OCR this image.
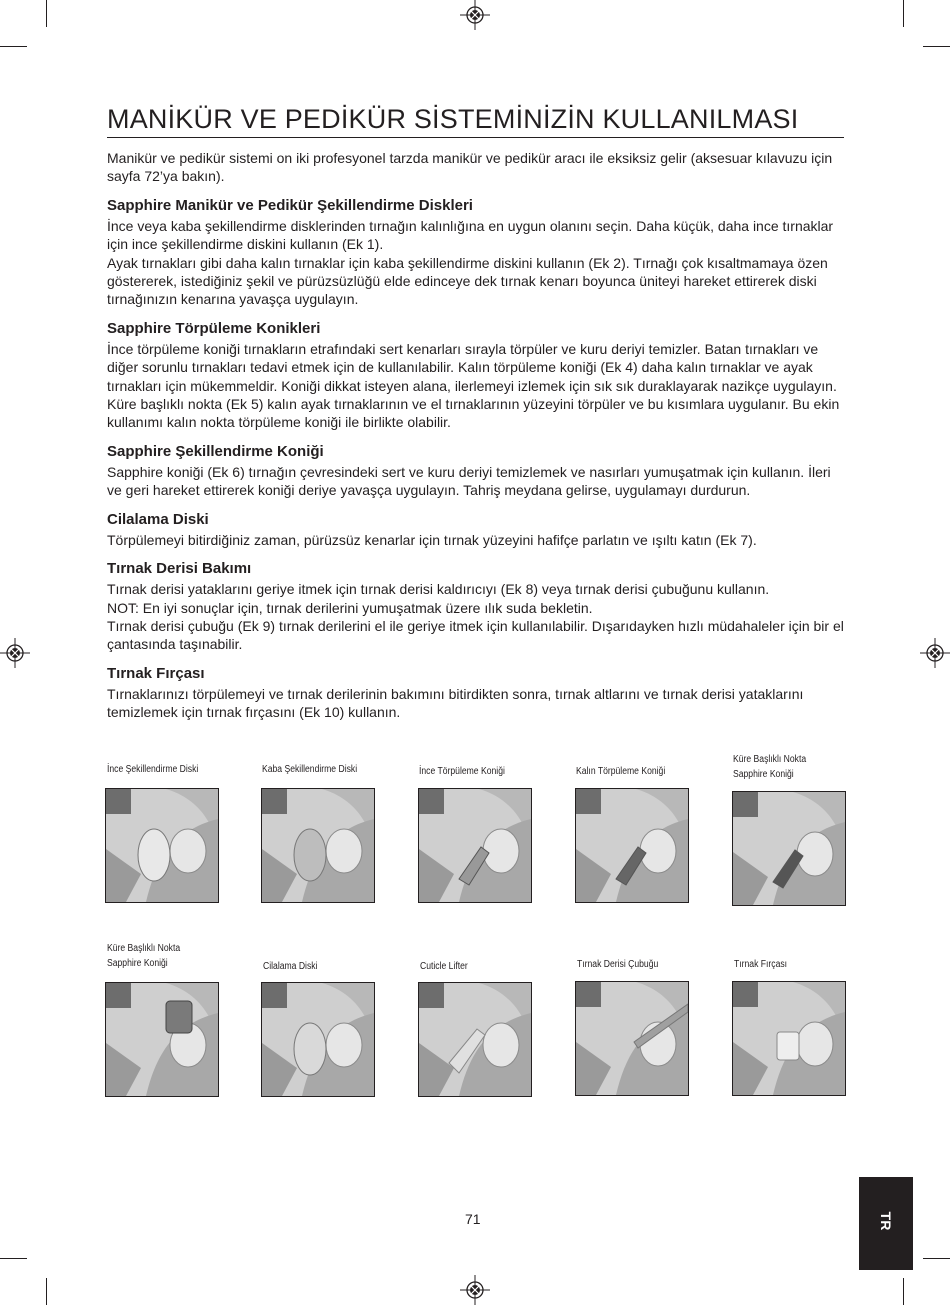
MANİKÜR VE PEDİKÜR SİSTEMİNİZİN KULLANILMASI

Manikür ve pedikür sistemi on iki profesyonel tarzda manikür ve pedikür aracı ile eksiksiz gelir (aksesuar kılavuzu için sayfa 72’ya bakın).

Sapphire Manikür ve Pedikür Şekillendirme Diskleri

İnce veya kaba şekillendirme disklerinden tırnağın kalınlığına en uygun olanını seçin. Daha küçük, daha ince tırnaklar için ince şekillendirme diskini kullanın (Ek 1).

Ayak tırnakları gibi daha kalın tırnaklar için kaba şekillendirme diskini kullanın (Ek 2). Tırnağı çok kısaltmamaya özen göstererek, istediğiniz şekil ve pürüzsüzlüğü elde edinceye dek tırnak kenarı boyunca üniteyi hareket ettirerek diski tırnağınızın kenarına yavaşça uygulayın.

Sapphire Törpüleme Konikleri

İnce törpüleme koniği tırnakların etrafındaki sert kenarları sırayla törpüler ve kuru deriyi temizler. Batan tırnakları ve diğer sorunlu tırnakları tedavi etmek için de kullanılabilir. Kalın törpüleme koniği (Ek 4) daha kalın tırnaklar ve ayak tırnakları için mükemmeldir. Koniği dikkat isteyen alana, ilerlemeyi izlemek için sık sık duraklayarak nazikçe uygulayın. Küre başlıklı nokta (Ek 5) kalın ayak tırnaklarının ve el tırnaklarının yüzeyini törpüler ve bu kısımlara uygulanır. Bu ekin kullanımı kalın nokta törpüleme koniği ile birlikte olabilir.

Sapphire Şekillendirme Koniği

Sapphire koniği (Ek 6) tırnağın çevresindeki sert ve kuru deriyi temizlemek ve nasırları yumuşatmak için kullanın. İleri ve geri hareket ettirerek koniği deriye yavaşça uygulayın. Tahriş meydana gelirse, uygulamayı durdurun.

Cilalama Diski

Törpülemeyi bitirdiğiniz zaman, pürüzsüz kenarlar için tırnak yüzeyini hafifçe parlatın ve ışıltı katın (Ek 7).

Tırnak Derisi Bakımı

Tırnak derisi yataklarını geriye itmek için tırnak derisi kaldırıcıyı (Ek 8) veya tırnak derisi çubuğunu kullanın.

NOT: En iyi sonuçlar için, tırnak derilerini yumuşatmak üzere ılık suda bekletin.

Tırnak derisi çubuğu (Ek 9) tırnak derilerini el ile geriye itmek için kullanılabilir. Dışarıdayken hızlı müdahaleler için bir el çantasında taşınabilir.

Tırnak Fırçası

Tırnaklarınızı törpülemeyi ve tırnak derilerinin bakımını bitirdikten sonra, tırnak altlarını ve tırnak derisi yataklarını temizlemek için tırnak fırçasını (Ek 10) kullanın.

İnce Şekillendirme Diski	Kaba Şekillendirme Diski	İnce Törpüleme Koniği	Kalın Törpüleme Koniği
Küre Başlıklı Nokta
Sapphire Koniği
Küre Başlıklı Nokta
Sapphire Koniği	Cilalama Diski	Cuticle Lifter	Tırnak Derisi Çubuğu	Tırnak Fırçası
71	TR
